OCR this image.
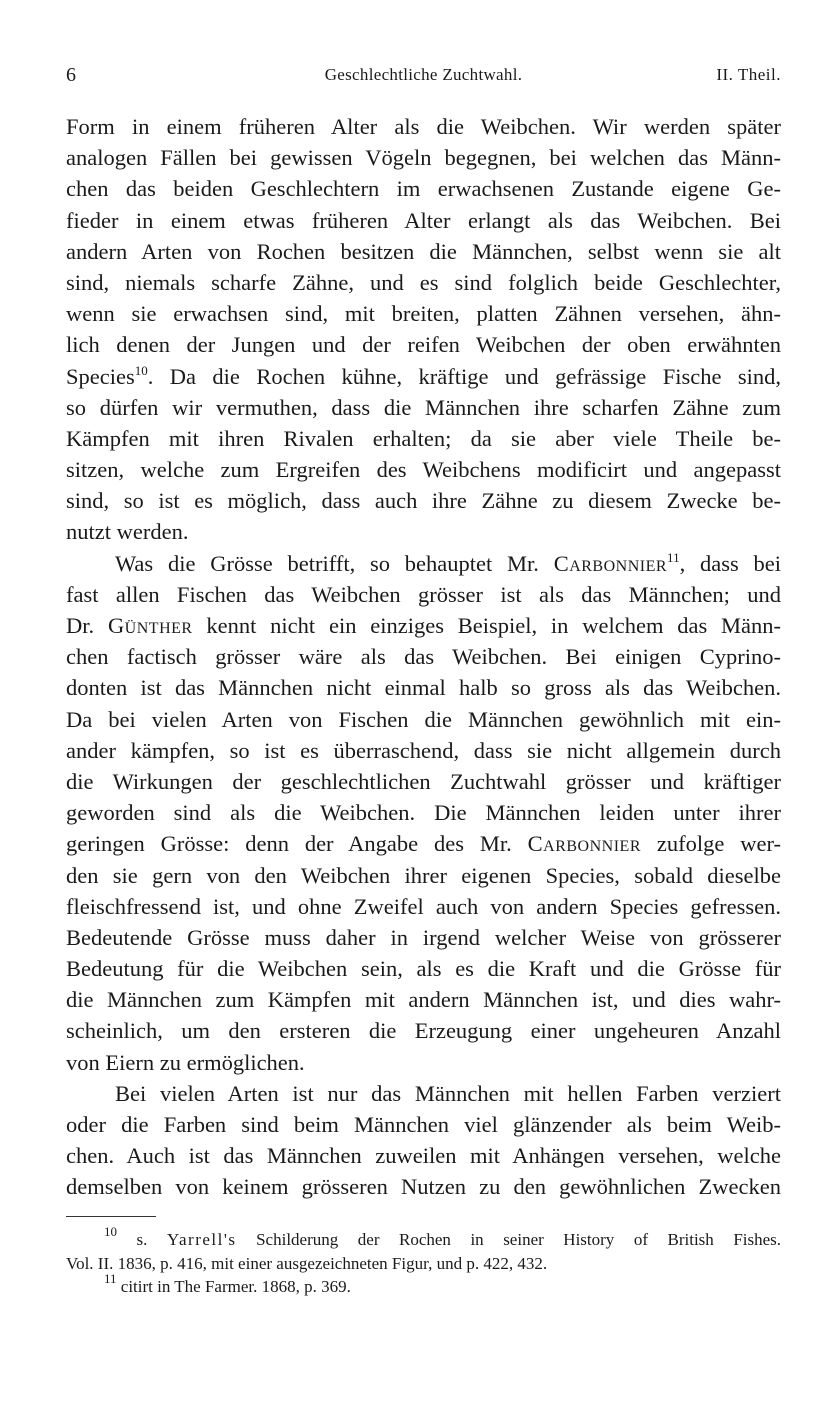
6	Geschlechtliche Zuchtwahl.	II. Theil.
Form in einem früheren Alter als die Weibchen. Wir werden später
analogen Fällen bei gewissen Vögeln begegnen, bei welchen das Männ-
chen das beiden Geschlechtern im erwachsenen Zustande eigene Ge-
fieder in einem etwas früheren Alter erlangt als das Weibchen. Bei
andern Arten von Rochen besitzen die Männchen, selbst wenn sie alt
sind, niemals scharfe Zähne, und es sind folglich beide Geschlechter,
wenn sie erwachsen sind, mit breiten, platten Zähnen versehen, ähn-
lich denen der Jungen und der reifen Weibchen der oben erwähnten
Species$^{10}$. Da die Rochen kühne, kräftige und gefrässige Fische sind,
so dürfen wir vermuthen, dass die Männchen ihre scharfen Zähne zum
Kämpfen mit ihren Rivalen erhalten; da sie aber viele Theile be-
sitzen, welche zum Ergreifen des Weibchens modificirt und angepasst
sind, so ist es möglich, dass auch ihre Zähne zu diesem Zwecke be-
nutzt werden.
Was die Grösse betrifft, so behauptet Mr. Carbonnier$^{11}$, dass bei
fast allen Fischen das Weibchen grösser ist als das Männchen; und
Dr. Günther kennt nicht ein einziges Beispiel, in welchem das Männ-
chen factisch grösser wäre als das Weibchen. Bei einigen Cyprino-
donten ist das Männchen nicht einmal halb so gross als das Weibchen.
Da bei vielen Arten von Fischen die Männchen gewöhnlich mit ein-
ander kämpfen, so ist es überraschend, dass sie nicht allgemein durch
die Wirkungen der geschlechtlichen Zuchtwahl grösser und kräftiger
geworden sind als die Weibchen. Die Männchen leiden unter ihrer
geringen Grösse: denn der Angabe des Mr. Carbonnier zufolge wer-
den sie gern von den Weibchen ihrer eigenen Species, sobald dieselbe
fleischfressend ist, und ohne Zweifel auch von andern Species gefressen.
Bedeutende Grösse muss daher in irgend welcher Weise von grösserer
Bedeutung für die Weibchen sein, als es die Kraft und die Grösse für
die Männchen zum Kämpfen mit andern Männchen ist, und dies wahr-
scheinlich, um den ersteren die Erzeugung einer ungeheuren Anzahl
von Eiern zu ermöglichen.
Bei vielen Arten ist nur das Männchen mit hellen Farben verziert
oder die Farben sind beim Männchen viel glänzender als beim Weib-
chen. Auch ist das Männchen zuweilen mit Anhängen versehen, welche
demselben von keinem grösseren Nutzen zu den gewöhnlichen Zwecken
$^{10}$ s. Yarrell's Schilderung der Rochen in seiner History of British Fishes.
Vol. II. 1836, p. 416, mit einer ausgezeichneten Figur, und p. 422, 432.
$^{11}$ citirt in The Farmer. 1868, p. 369.
